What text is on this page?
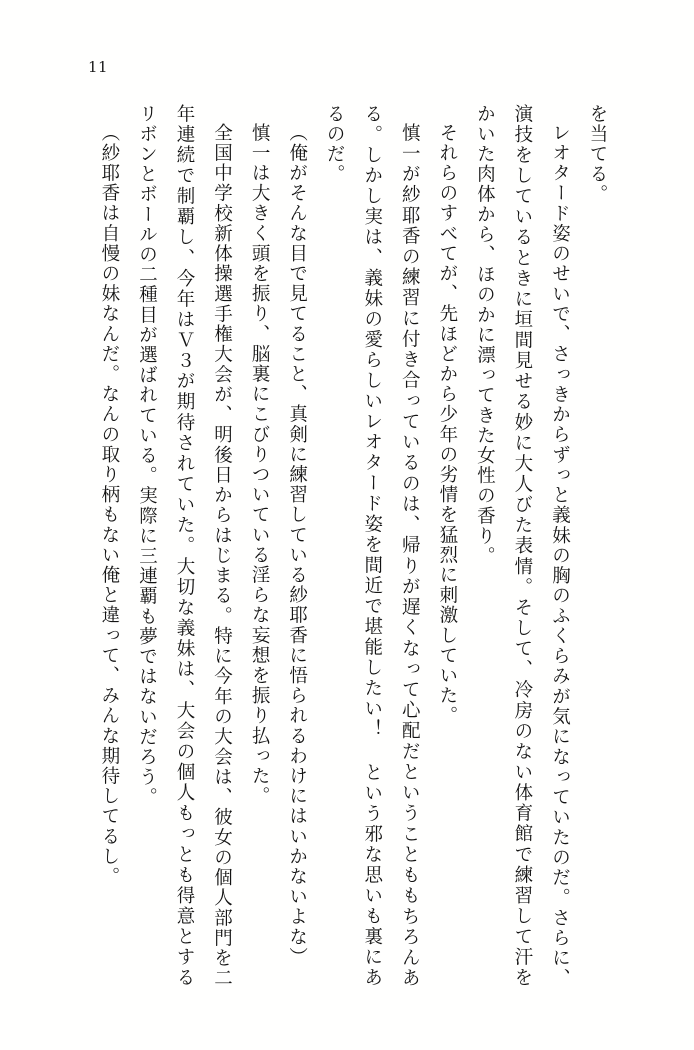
11

を当てる。

レオタード姿のせいで、さっきからずっと義妹の胸のふくらみが気になっていたのだ。さらに、演技をしているときに垣間見せる妙に大人びた表情。そして、冷房のない体育館で練習して汗をかいた肉体から、ほのかに漂ってきた女性の香り。

それらのすべてが、先ほどから少年の劣情を猛烈に刺激していた。

慎一が紗耶香の練習に付き合っているのは、帰りが遅くなって心配だということももちろんある。しかし実は、義妹の愛らしいレオタード姿を間近で堪能したい！ という邪な思いも裏にあるのだ。

（俺がそんな目で見てること、真剣に練習している紗耶香に悟られるわけにはいかないよな）

慎一は大きく頭を振り、脳裏にこびりついている淫らな妄想を振り払った。

全国中学校新体操選手権大会が、明後日からはじまる。特に今年の大会は、彼女の個人部門を二年連続で制覇し、今年はＶ３が期待されていた。大切な義妹は、大会の個人もっとも得意とするリボンとボールの二種目が選ばれている。実際に三連覇も夢ではないだろう。

（紗耶香は自慢の妹なんだ。なんの取り柄もない俺と違って、みんな期待してるし。
